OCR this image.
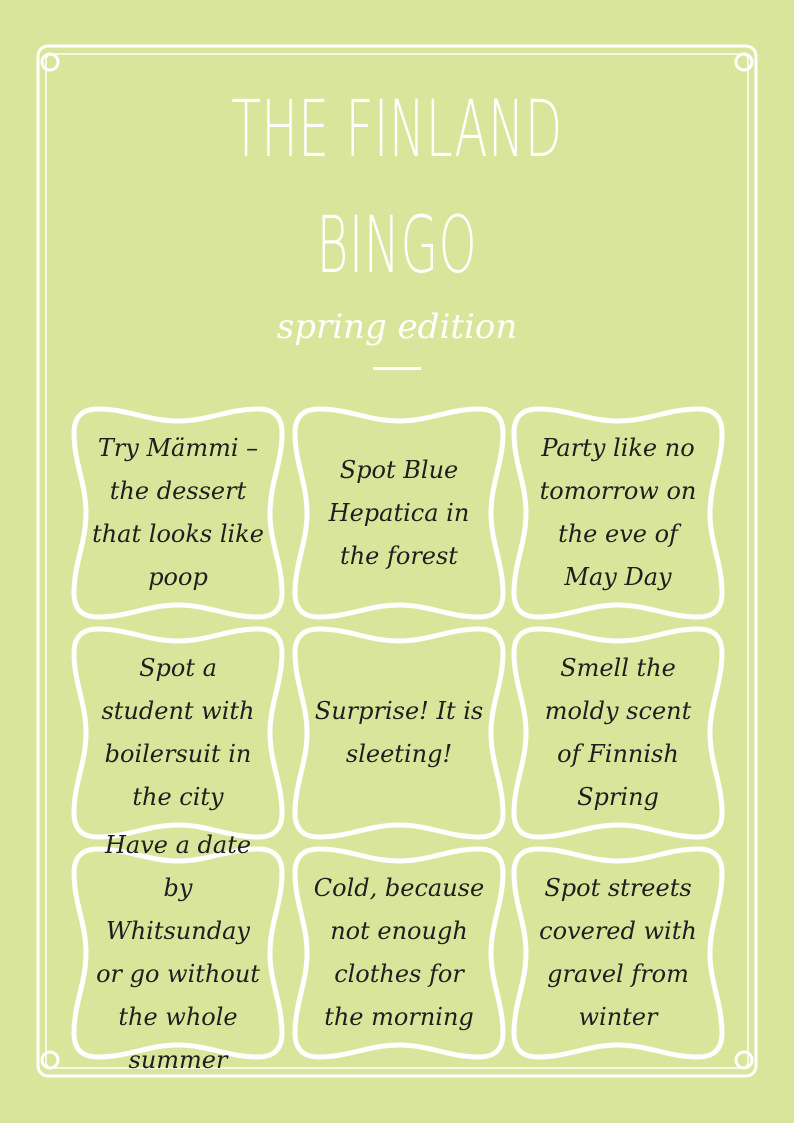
THE FINLAND
BINGO
spring edition
Try Mämmi – the dessert that looks like poop
Spot Blue Hepatica in the forest
Party like no tomorrow on the eve of May Day
Spot a student with boilersuit in the city
Surprise! It is sleeting!
Smell the moldy scent of Finnish Spring
Have a date by Whitsunday or go without the whole summer
Cold, because not enough clothes for the morning
Spot streets covered with gravel from winter
